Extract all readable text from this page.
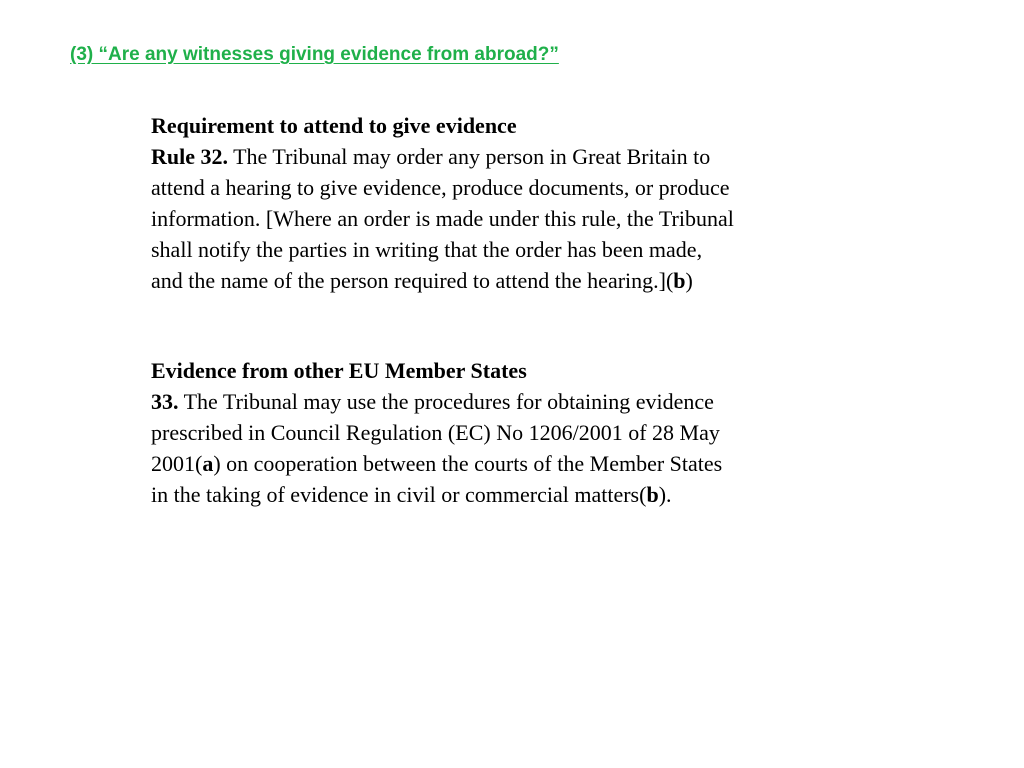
(3) “Are any witnesses giving evidence from abroad?”
Requirement to attend to give evidence
Rule 32. The Tribunal may order any person in Great Britain to
attend a hearing to give evidence, produce documents, or produce
information. [Where an order is made under this rule, the Tribunal
shall notify the parties in writing that the order has been made,
and the name of the person required to attend the hearing.](b)
Evidence from other EU Member States
33. The Tribunal may use the procedures for obtaining evidence
prescribed in Council Regulation (EC) No 1206/2001 of 28 May
2001(a) on cooperation between the courts of the Member States
in the taking of evidence in civil or commercial matters(b).
